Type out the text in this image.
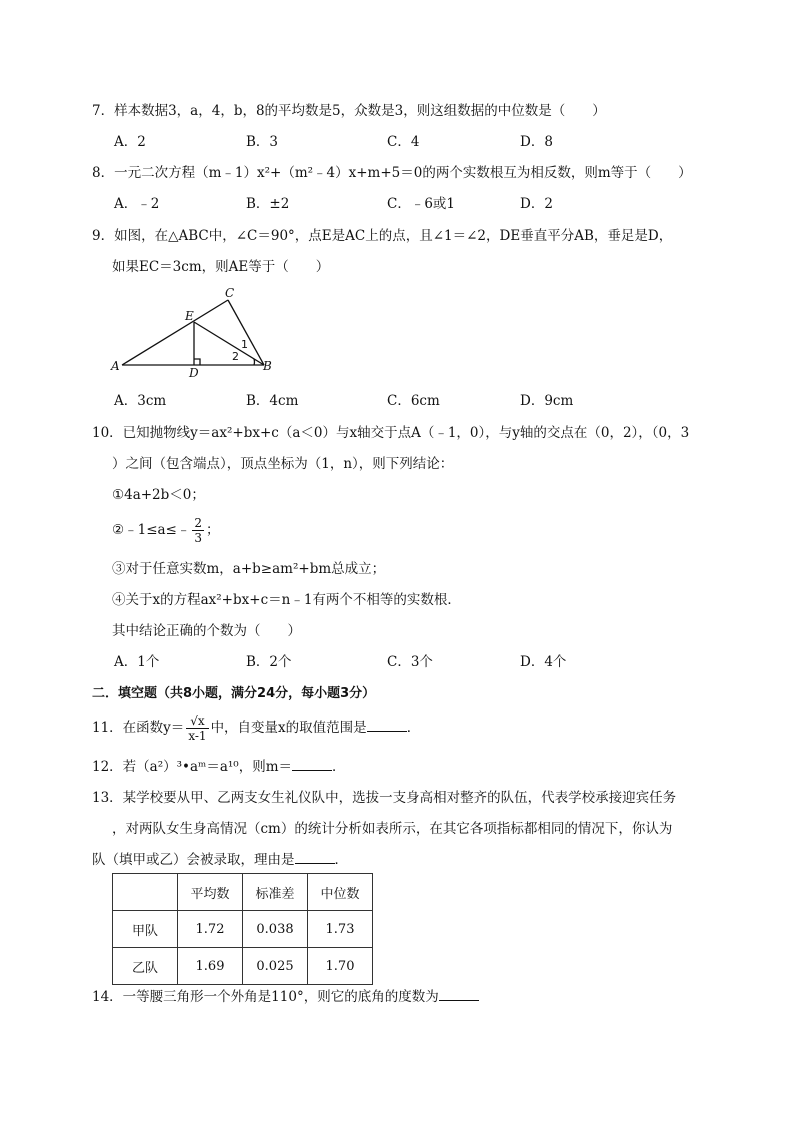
7．样本数据3，a，4，b，8的平均数是5，众数是3，则这组数据的中位数是（　　）
A．2	B．3	C．4	D．8
8．一元二次方程（m﹣1）x²+（m²﹣4）x+m+5＝0的两个实数根互为相反数，则m等于（　　）
A．﹣2	B．±2	C．﹣6或1	D．2
9．如图，在△ABC中，∠C＝90°，点E是AC上的点，且∠1＝∠2，DE垂直平分AB，垂足是D，
如果EC＝3cm，则AE等于（　　）
A	B
C
D
E
1
2
A．3cm	B．4cm	C．6cm	D．9cm
10．已知抛物线y＝ax²+bx+c（a＜0）与x轴交于点A（﹣1，0），与y轴的交点在（0，2），（0，3
）之间（包含端点），顶点坐标为（1，n），则下列结论：
①4a+2b＜0；
②﹣1≤a≤﹣ $\frac{2}{3}$ ；
③对于任意实数m，a+b≥am²+bm总成立；
④关于x的方程ax²+bx+c＝n﹣1有两个不相等的实数根．
其中结论正确的个数为（　　）
A．1个	B．2个	C．3个	D．4个
二．填空题（共8小题，满分24分，每小题3分）
11．在函数$y= \frac{√x}{x-1}$ 中，自变量x的取值范围是	．
12．若（a²）³•aᵐ＝a¹⁰，则m＝	．
13．某学校要从甲、乙两支女生礼仪队中，选拔一支身高相对整齐的队伍，代表学校承接迎宾任务
，对两队女生身高情况（cm）的统计分析如表所示，在其它各项指标都相同的情况下，你认为
队（填甲或乙）会被录取，理由是	．
	平均数	标准差	中位数
甲队	1.72	0.038	1.73
乙队	1.69	0.025	1.70
14．一等腰三角形一个外角是110°，则它的底角的度数为
